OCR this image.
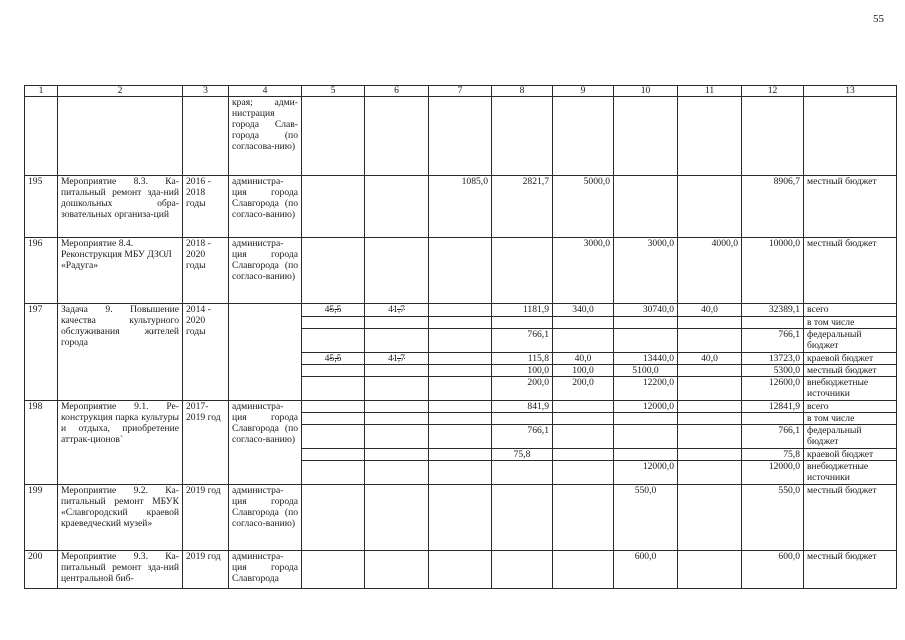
55
1	2	3	4	5	6	7	8	9	10	11	12	13
			края; адми-нистрация города Слав-города (по согласова-нию)									
195	Мероприятие 8.3. Ка-питальный ремонт зда-ний дошкольных обра-зовательных организа-ций	2016 - 2018 годы	администра-ция города Славгорода (по согласо-ванию)			1085,0	2821,7	5000,0			8906,7	местный бюджет
196	Мероприятие 8.4. Реконструкция МБУ ДЗОЛ «Радуга»	2018 - 2020 годы	администра-ция города Славгорода (по согласо-ванию)					3000,0	3000,0	4000,0	10000,0	местный бюджет
197	Задача 9. Повышение качества культурного обслуживания жителей города	2014 - 2020 годы		45,5	41,7		1181,9	340,0	30740,0	40,0	32389,1	всего
												в том числе
							766,1				766,1	федеральный бюджет
				45,5	41,7		115,8	40,0	13440,0	40,0	13723,0	краевой бюджет
							100,0	100,0	5100,0		5300,0	местный бюджет
							200,0	200,0	12200,0		12600,0	внебюджетные источники
198	Мероприятие 9.1. Ре-конструкция парка культуры и отдыха, приобретение аттрак-ционов`	2017-2019 год	администра-ция города Славгорода (по согласо-ванию)				841,9		12000,0		12841,9	всего
												в том числе
							766,1				766,1	федеральный бюджет
							75,8				75,8	краевой бюджет
									12000,0		12000,0	внебюджетные источники
199	Мероприятие 9.2. Ка-питальный ремонт МБУК «Славгородский краевой краеведческий музей»	2019 год	администра-ция города Славгорода (по согласо-ванию)						550,0		550,0	местный бюджет
200	Мероприятие 9.3. Ка-питальный ремонт зда-ний центральной биб-	2019 год	администра-ция города Славгорода						600,0		600,0	местный бюджет
